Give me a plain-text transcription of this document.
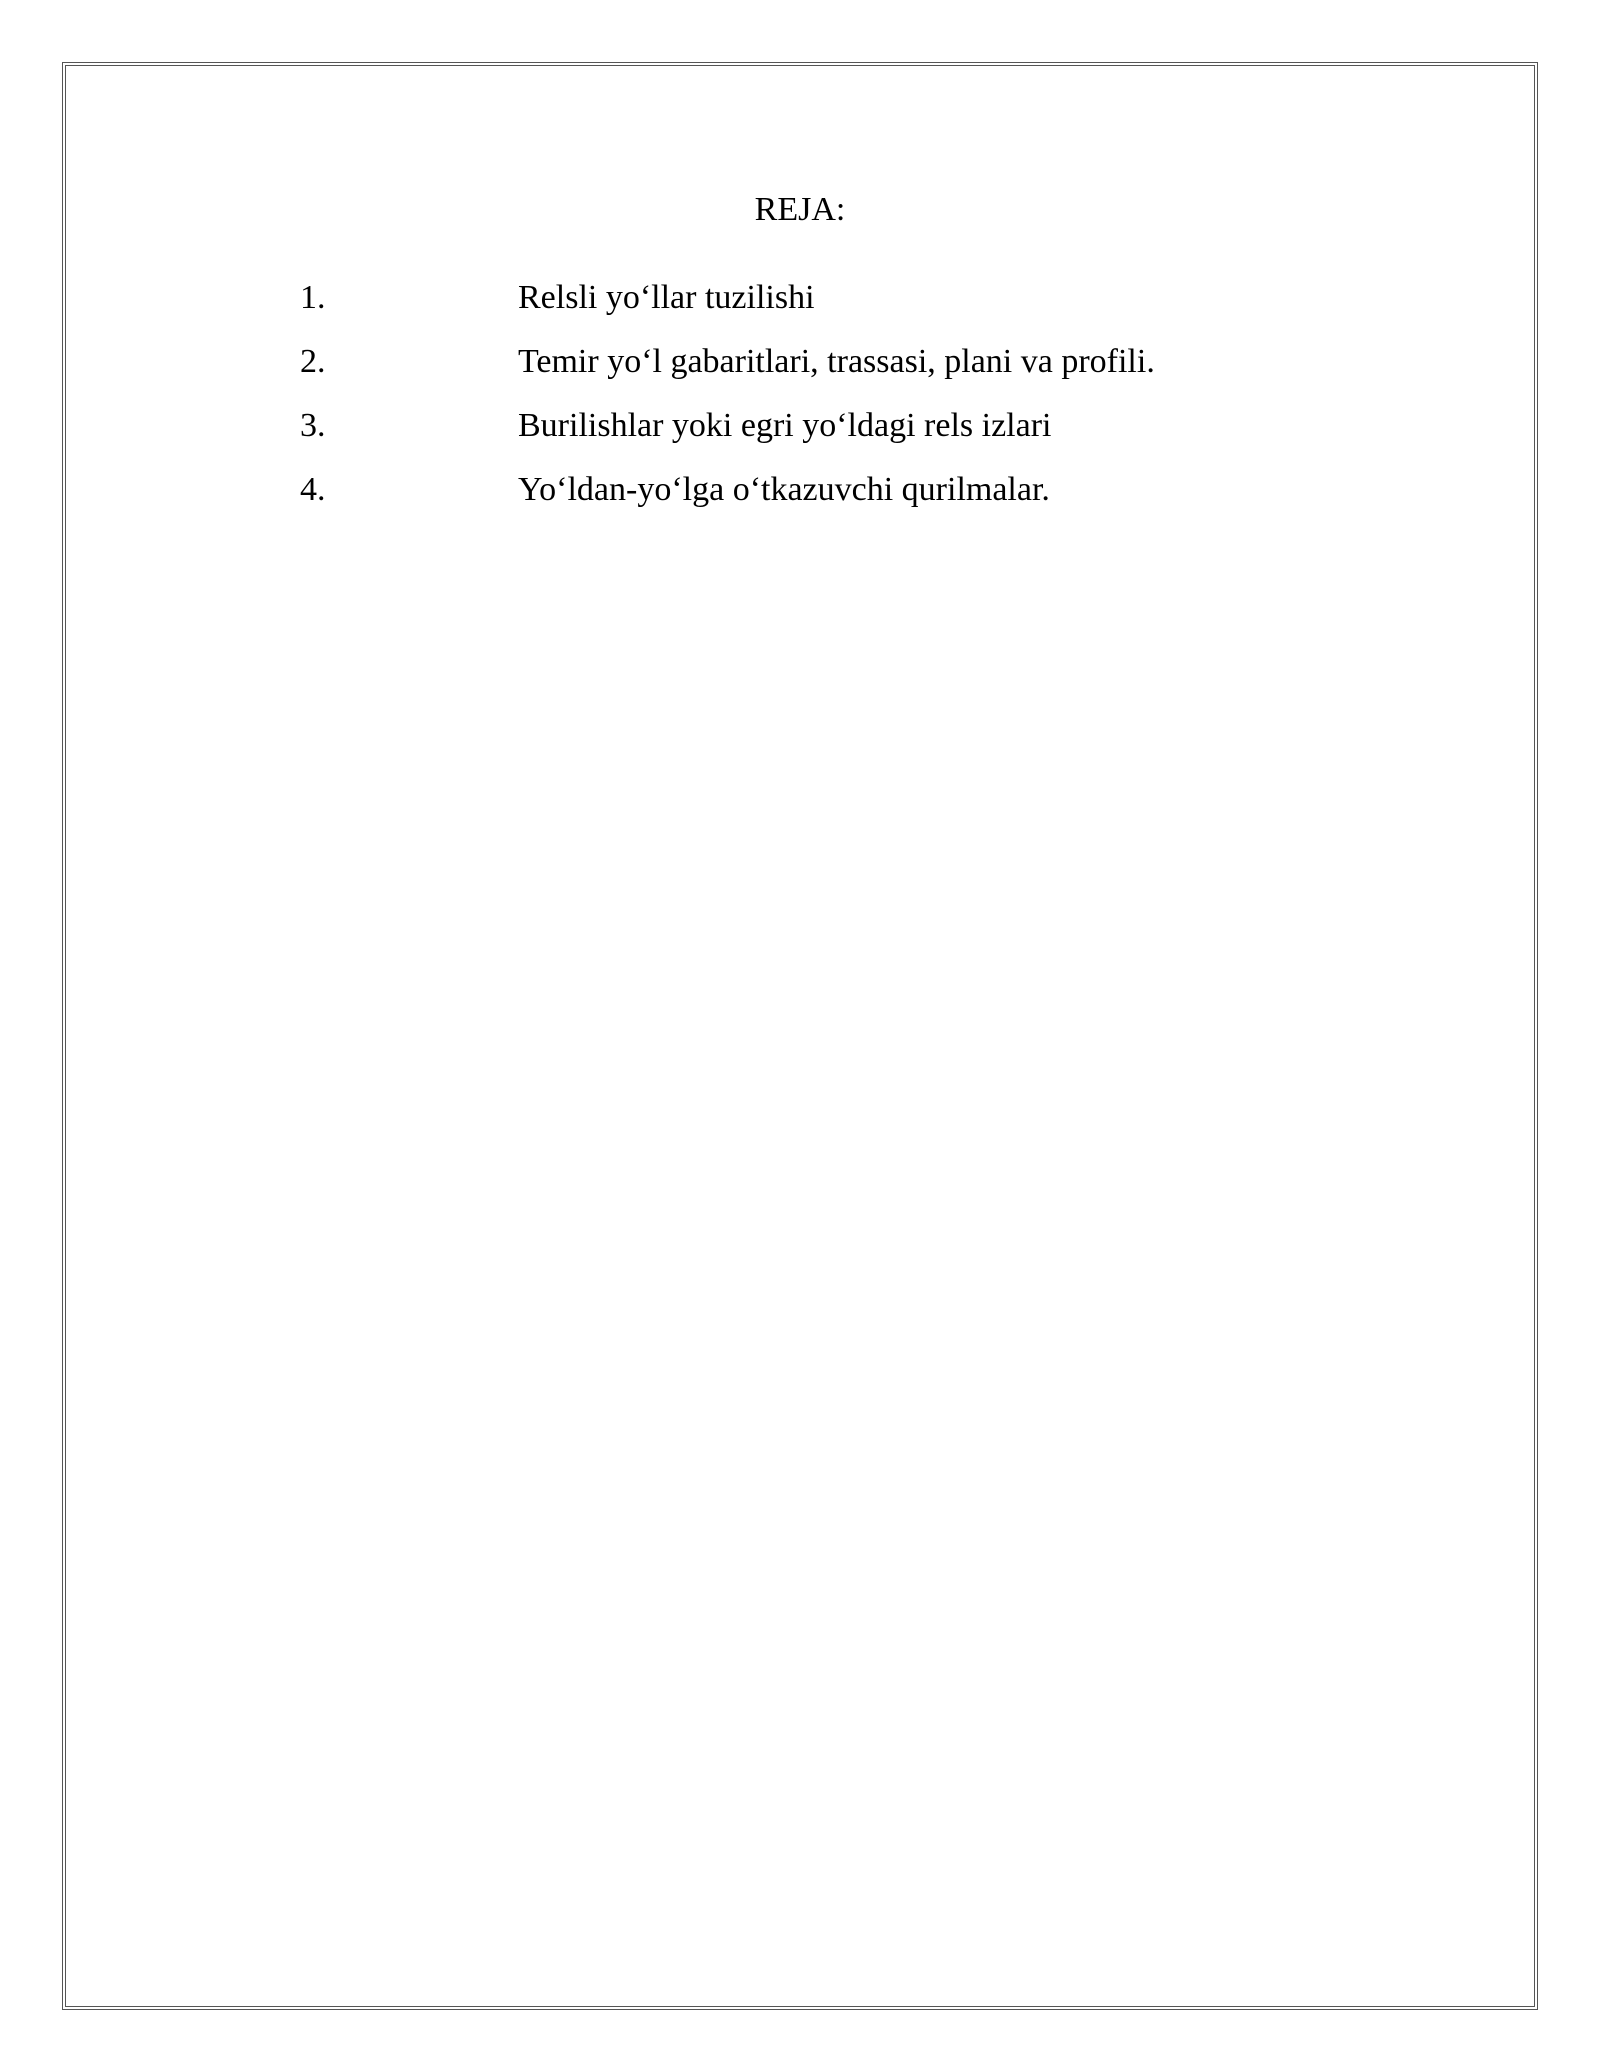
REJA:
1.	Relsli yo‘llar tuzilishi
2.	Temir yo‘l gabaritlari, trassasi, plani va profili.
3.	Burilishlar yoki egri yo‘ldagi rels izlari
4.	Yo‘ldan-yo‘lga o‘tkazuvchi qurilmalar.
